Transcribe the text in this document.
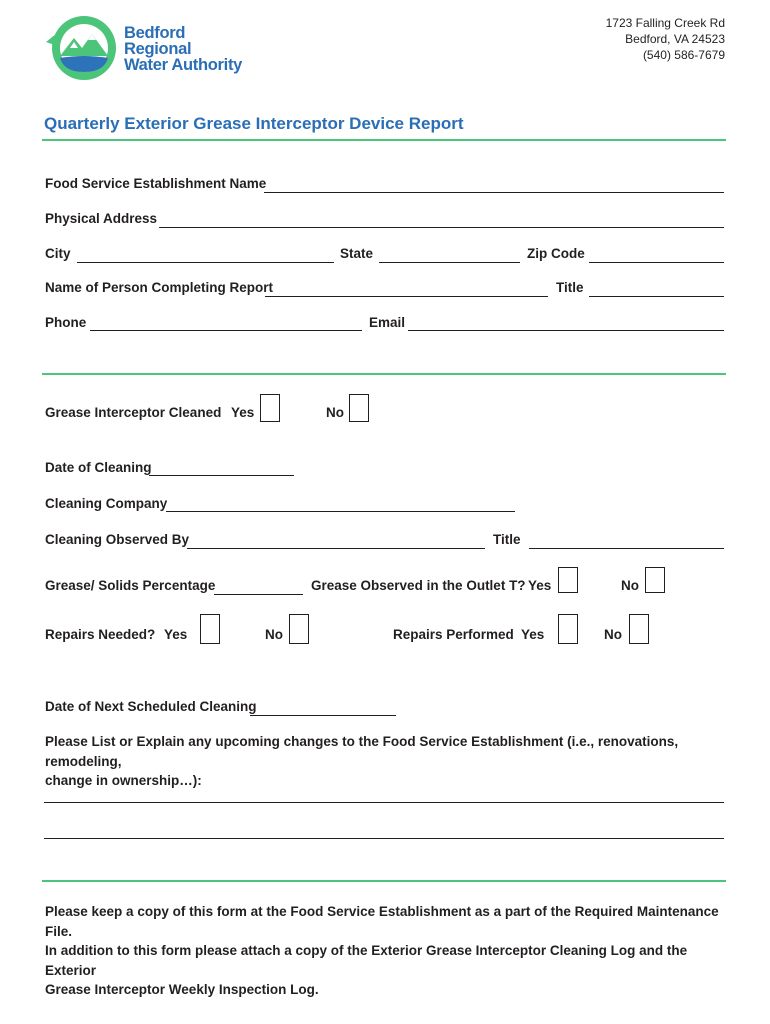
Bedford
Regional
Water Authority
1723 Falling Creek Rd
Bedford, VA 24523
(540) 586-7679
Quarterly Exterior Grease Interceptor Device Report
Food Service Establishment Name
Physical Address
City	State	Zip Code
Name of Person Completing Report	Title
Phone	Email
Grease Interceptor Cleaned Yes	No
Date of Cleaning
Cleaning Company
Cleaning Observed By	Title
Grease/ Solids Percentage	Grease Observed in the Outlet T? Yes	No
Repairs Needed? Yes	No	Repairs Performed Yes	No
Date of Next Scheduled Cleaning
Please List or Explain any upcoming changes to the Food Service Establishment (i.e., renovations, remodeling,
change in ownership…):
Please keep a copy of this form at the Food Service Establishment as a part of the Required Maintenance File.
In addition to this form please attach a copy of the Exterior Grease Interceptor Cleaning Log and the Exterior
Grease Interceptor Weekly Inspection Log.
